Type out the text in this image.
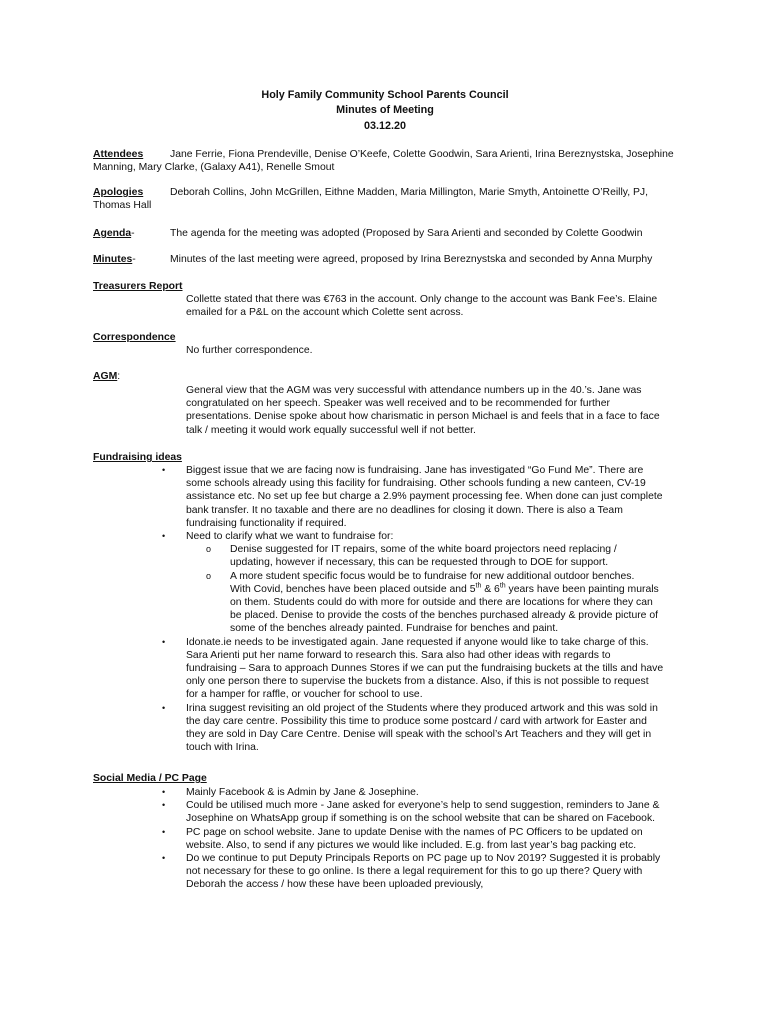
Holy Family Community School Parents Council
Minutes of Meeting
03.12.20
Attendees	Jane Ferrie, Fiona Prendeville, Denise O’Keefe, Colette Goodwin, Sara Arienti, Irina Bereznystska, Josephine
Manning, Mary Clarke, (Galaxy A41), Renelle Smout
Apologies	Deborah Collins, John McGrillen, Eithne Madden, Maria Millington, Marie Smyth, Antoinette O’Reilly, PJ,
Thomas Hall
Agenda-	The agenda for the meeting was adopted (Proposed by Sara Arienti and seconded by Colette Goodwin
Minutes-	Minutes of the last meeting were agreed, proposed by Irina Bereznystska and seconded by Anna Murphy
Treasurers Report
Collette stated that there was €763 in the account. Only change to the account was Bank Fee’s. Elaine
emailed for a P&L on the account which Colette sent across.
Correspondence
No further correspondence.
AGM:
General view that the AGM was very successful with attendance numbers up in the 40.’s. Jane was
congratulated on her speech. Speaker was well received and to be recommended for further
presentations. Denise spoke about how charismatic in person Michael is and feels that in a face to face
talk / meeting it would work equally successful well if not better.
Fundraising ideas
• Biggest issue that we are facing now is fundraising. Jane has investigated “Go Fund Me”. There are
some schools already using this facility for fundraising. Other schools funding a new canteen, CV-19
assistance etc. No set up fee but charge a 2.9% payment processing fee. When done can just complete
bank transfer. It no taxable and there are no deadlines for closing it down. There is also a Team
fundraising functionality if required.
• Need to clarify what we want to fundraise for:
o Denise suggested for IT repairs, some of the white board projectors need replacing /
updating, however if necessary, this can be requested through to DOE for support.
o A more student specific focus would be to fundraise for new additional outdoor benches.
With Covid, benches have been placed outside and 5th & 6th years have been painting murals
on them. Students could do with more for outside and there are locations for where they can
be placed. Denise to provide the costs of the benches purchased already & provide picture of
some of the benches already painted. Fundraise for benches and paint.
• Idonate.ie needs to be investigated again. Jane requested if anyone would like to take charge of this.
Sara Arienti put her name forward to research this. Sara also had other ideas with regards to
fundraising – Sara to approach Dunnes Stores if we can put the fundraising buckets at the tills and have
only one person there to supervise the buckets from a distance. Also, if this is not possible to request
for a hamper for raffle, or voucher for school to use.
• Irina suggest revisiting an old project of the Students where they produced artwork and this was sold in
the day care centre. Possibility this time to produce some postcard / card with artwork for Easter and
they are sold in Day Care Centre. Denise will speak with the school’s Art Teachers and they will get in
touch with Irina.
Social Media / PC Page
• Mainly Facebook & is Admin by Jane & Josephine.
• Could be utilised much more - Jane asked for everyone’s help to send suggestion, reminders to Jane &
Josephine on WhatsApp group if something is on the school website that can be shared on Facebook.
• PC page on school website. Jane to update Denise with the names of PC Officers to be updated on
website. Also, to send if any pictures we would like included. E.g. from last year’s bag packing etc.
• Do we continue to put Deputy Principals Reports on PC page up to Nov 2019? Suggested it is probably
not necessary for these to go online. Is there a legal requirement for this to go up there? Query with
Deborah the access / how these have been uploaded previously,
